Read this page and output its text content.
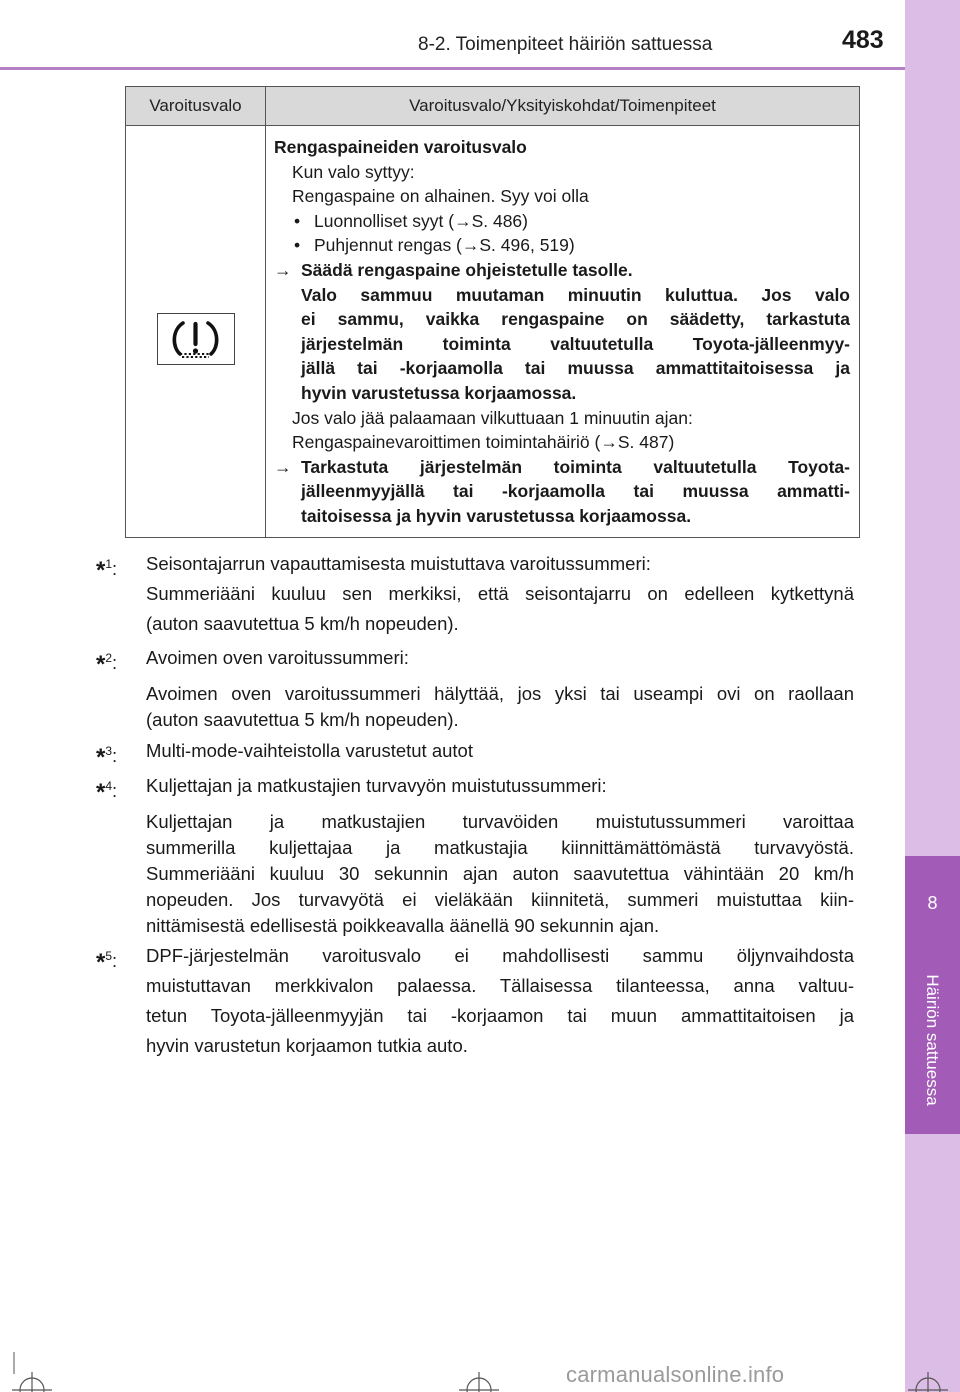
8-2. Toimenpiteet häiriön sattuessa	483
8
Häiriön sattuessa
Varoitusvalo	Varoitusvalo/Yksityiskohdat/Toimenpiteet

Rengaspaineiden varoitusvalo

Kun valo syttyy:

Rengaspaine on alhainen. Syy voi olla

• Luonnolliset syyt (→S. 486)

• Puhjennut rengas (→S. 496, 519)

→ Säädä rengaspaine ohjeistetulle tasolle.

Valo sammuu muutaman minuutin kuluttua. Jos valo

ei sammu, vaikka rengaspaine on säädetty, tarkastuta

järjestelmän toiminta valtuutetulla Toyota-jälleenmyy-

jällä tai -korjaamolla tai muussa ammattitaitoisessa ja

hyvin varustetussa korjaamossa.

Jos valo jää palaamaan vilkuttuaan 1 minuutin ajan:

Rengaspainevaroittimen toimintahäiriö (→S. 487)

→ Tarkastuta järjestelmän toiminta valtuutetulla Toyota-

jälleenmyyjällä tai -korjaamolla tai muussa ammatti-

taitoisessa ja hyvin varustetussa korjaamossa.

*$^1$:	Seisontajarrun vapauttamisesta muistuttava varoitussummeri:

Summeriääni kuuluu sen merkiksi, että seisontajarru on edelleen kytkettynä

(auton saavutettua 5 km/h nopeuden).

*$^2$:	Avoimen oven varoitussummeri:

Avoimen oven varoitussummeri hälyttää, jos yksi tai useampi ovi on raollaan

(auton saavutettua 5 km/h nopeuden).

*$^3$:	Multi-mode-vaihteistolla varustetut autot

*$^4$:	Kuljettajan ja matkustajien turvavyön muistutussummeri:

Kuljettajan ja matkustajien turvavöiden muistutussummeri varoittaa

summerilla kuljettajaa ja matkustajia kiinnittämättömästä turvavyöstä.

Summeriääni kuuluu 30 sekunnin ajan auton saavutettua vähintään 20 km/h

nopeuden. Jos turvavyötä ei vieläkään kiinnitetä, summeri muistuttaa kiin-

nittämisestä edellisestä poikkeavalla äänellä 90 sekunnin ajan.

*$^5$:	DPF-järjestelmän varoitusvalo ei mahdollisesti sammu öljynvaihdosta

muistuttavan merkkivalon palaessa. Tällaisessa tilanteessa, anna valtuu-

tetun Toyota-jälleenmyyjän tai -korjaamon tai muun ammattitaitoisen ja

hyvin varustetun korjaamon tutkia auto.

carmanualsonline.info
